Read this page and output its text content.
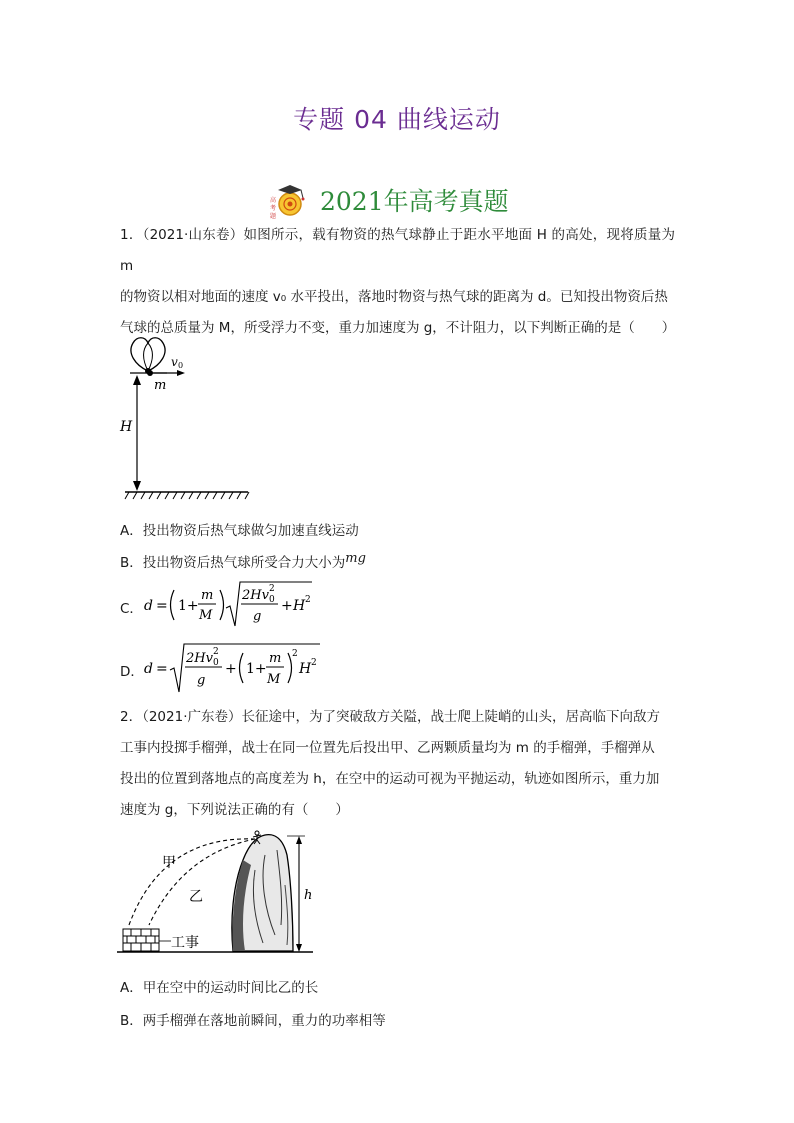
专题 04 曲线运动
高
考
题
2021年高考真题
1．（2021·山东卷）如图所示，载有物资的热气球静止于距水平地面 H 的高处，现将质量为 m
的物资以相对地面的速度 v₀ 水平投出，落地时物资与热气球的距离为 d。已知投出物资后热
气球的总质量为 M，所受浮力不变，重力加速度为 g，不计阻力，以下判断正确的是（　　）
v 0
m
H
A．投出物资后热气球做匀加速直线运动
B．投出物资后热气球所受合力大小为mg
C． d = 1+
m
M
2Hv 0
2
g
+ H 2
D． d =
2Hv 0
2
g
+ 1+
m
M
2
H 2
2．（2021·广东卷）长征途中，为了突破敌方关隘，战士爬上陡峭的山头，居高临下向敌方
工事内投掷手榴弹，战士在同一位置先后投出甲、乙两颗质量均为 m 的手榴弹，手榴弹从
投出的位置到落地点的高度差为 h，在空中的运动可视为平抛运动，轨迹如图所示，重力加
速度为 g，下列说法正确的有（　　）
甲
乙
工事
h
A．甲在空中的运动时间比乙的长
B．两手榴弹在落地前瞬间，重力的功率相等
